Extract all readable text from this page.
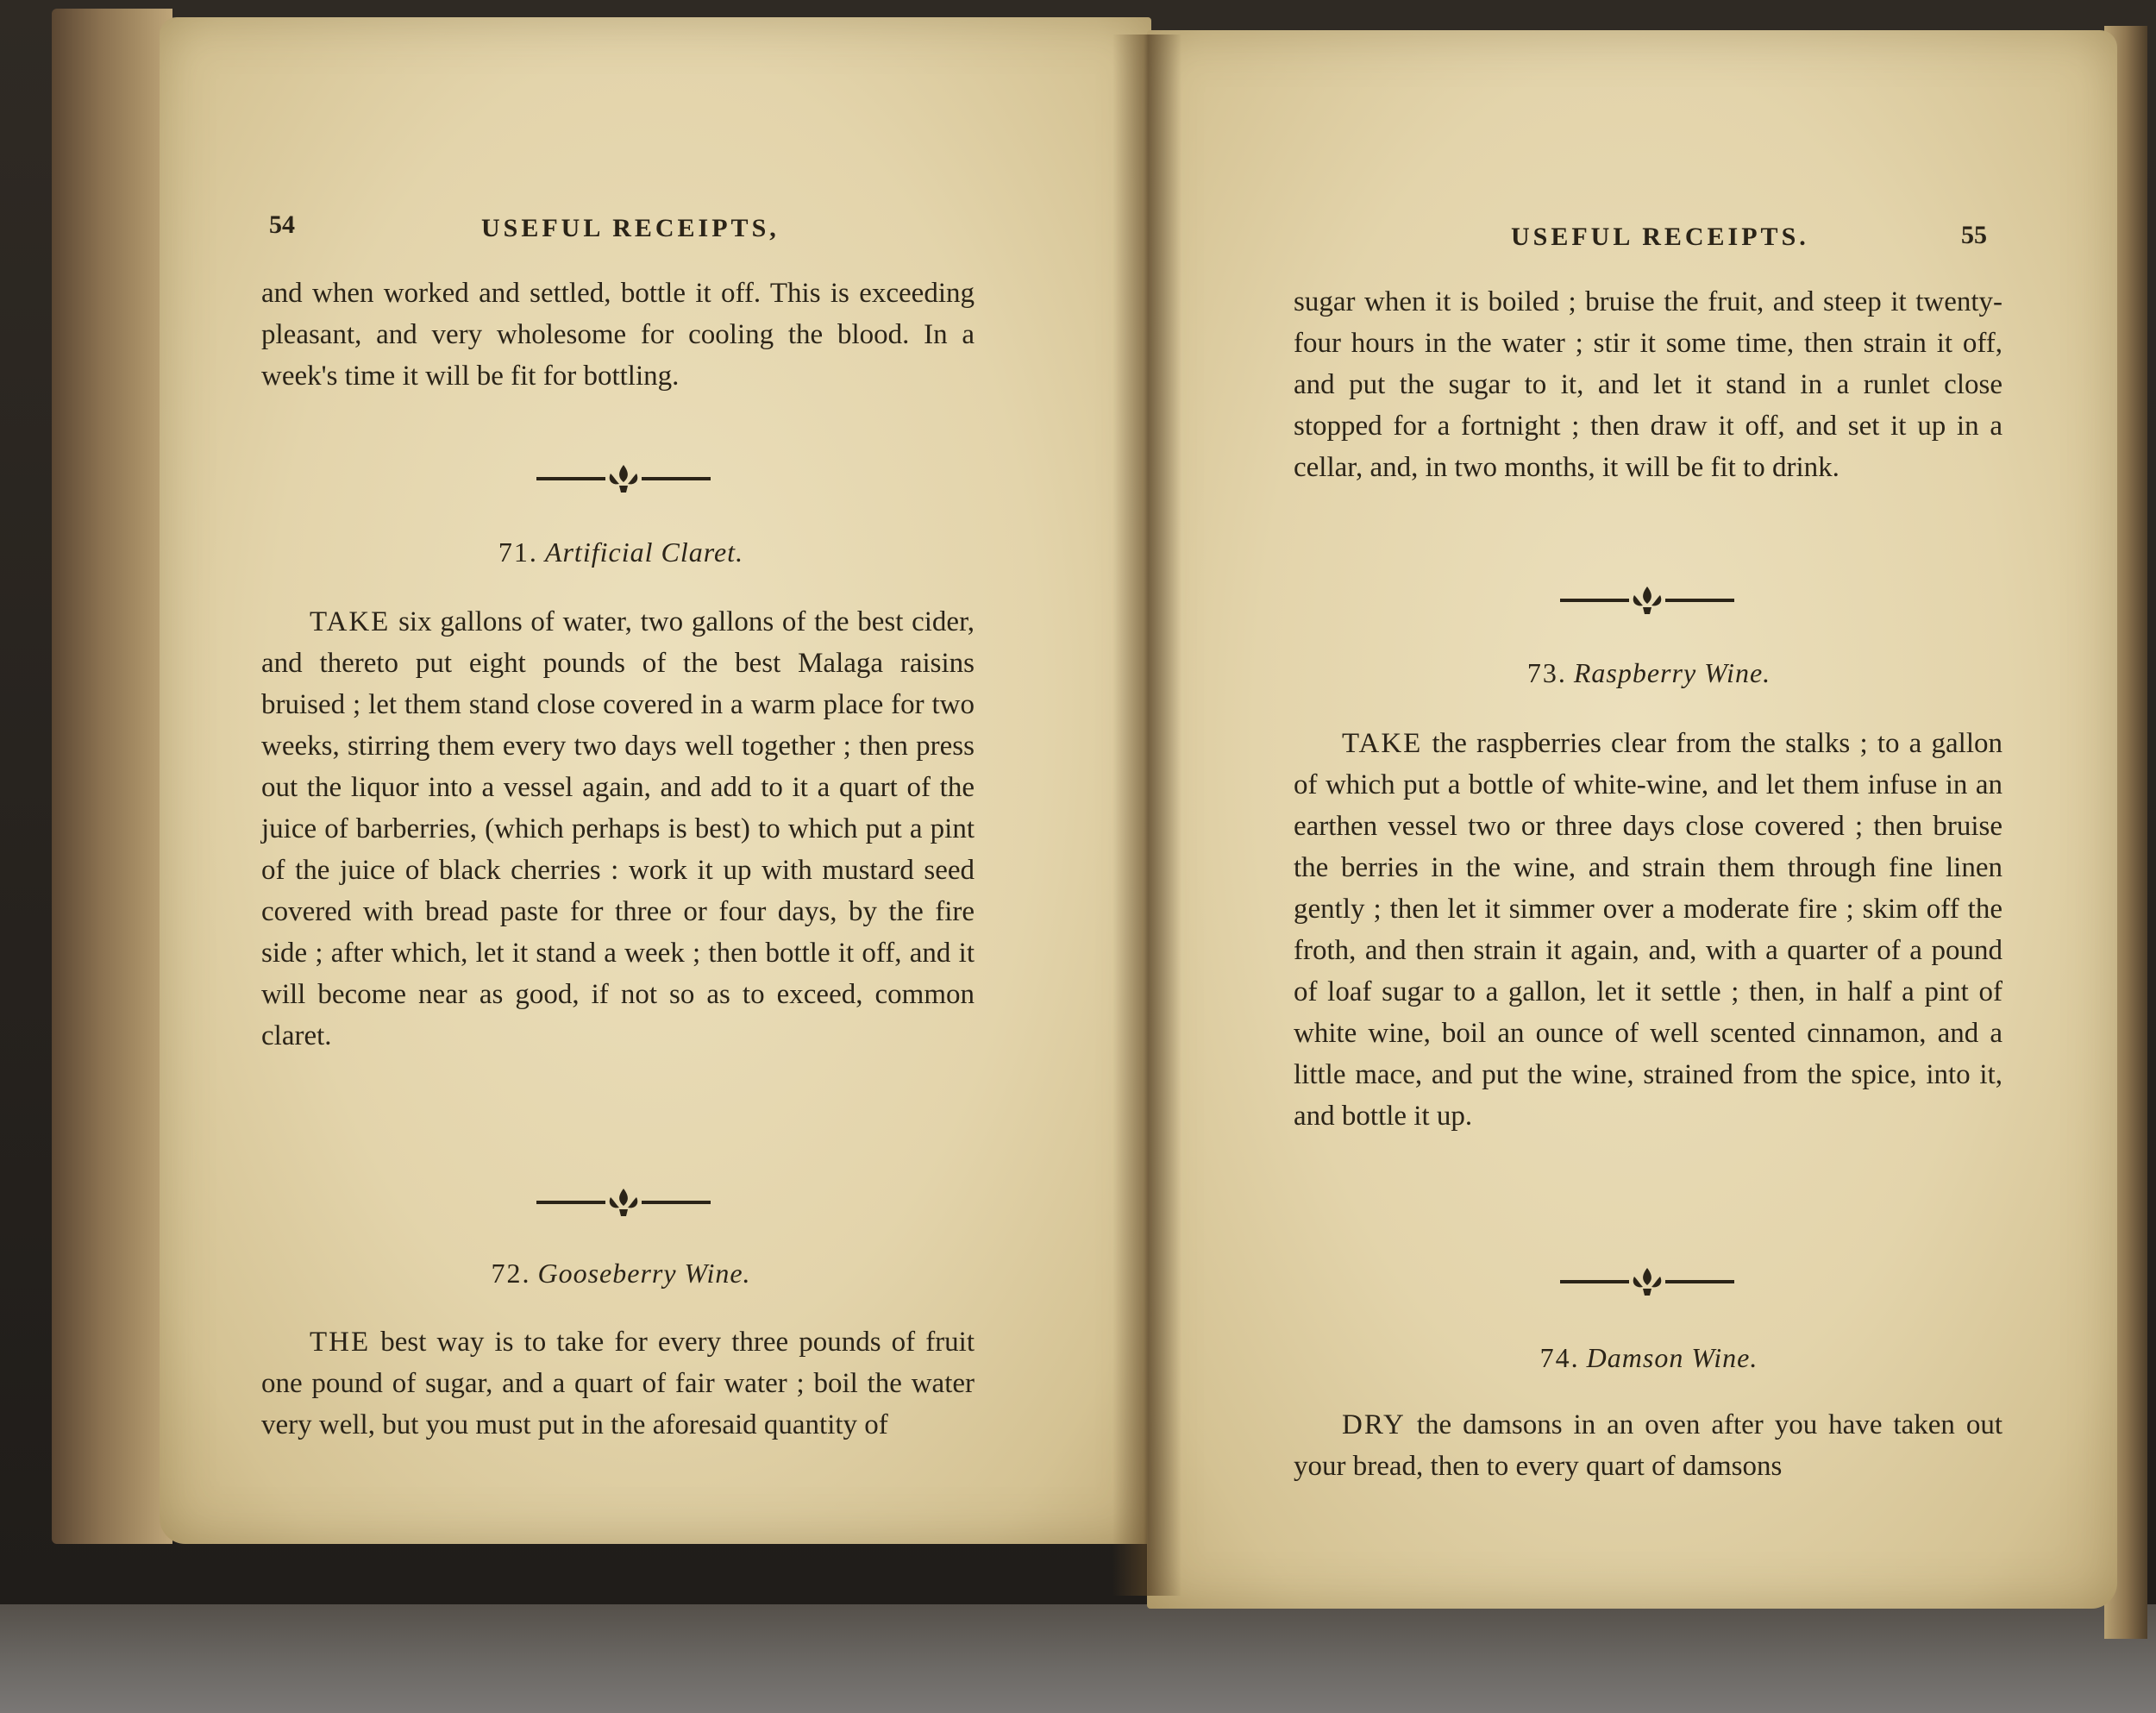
54	USEFUL RECEIPTS,

and when worked and settled, bottle it off. This is exceeding pleasant, and very wholesome for cooling the blood. In a week's time it will be fit for bottling.

71. Artificial Claret.

TAKE six gallons of water, two gallons of the best cider, and thereto put eight pounds of the best Malaga raisins bruised ; let them stand close covered in a warm place for two weeks, stirring them every two days well together ; then press out the liquor into a vessel again, and add to it a quart of the juice of barberries, (which perhaps is best) to which put a pint of the juice of black cherries : work it up with mustard seed covered with bread paste for three or four days, by the fire side ; after which, let it stand a week ; then bottle it off, and it will become near as good, if not so as to exceed, common claret.

72. Gooseberry Wine.

THE best way is to take for every three pounds of fruit one pound of sugar, and a quart of fair water ; boil the water very well, but you must put in the aforesaid quantity of

USEFUL RECEIPTS.	55

sugar when it is boiled ; bruise the fruit, and steep it twenty-four hours in the water ; stir it some time, then strain it off, and put the sugar to it, and let it stand in a runlet close stopped for a fortnight ; then draw it off, and set it up in a cellar, and, in two months, it will be fit to drink.

73. Raspberry Wine.

TAKE the raspberries clear from the stalks ; to a gallon of which put a bottle of white-wine, and let them infuse in an earthen vessel two or three days close covered ; then bruise the berries in the wine, and strain them through fine linen gently ; then let it simmer over a moderate fire ; skim off the froth, and then strain it again, and, with a quarter of a pound of loaf sugar to a gallon, let it settle ; then, in half a pint of white wine, boil an ounce of well scented cinnamon, and a little mace, and put the wine, strained from the spice, into it, and bottle it up.

74. Damson Wine.

DRY the damsons in an oven after you have taken out your bread, then to every quart of damsons
